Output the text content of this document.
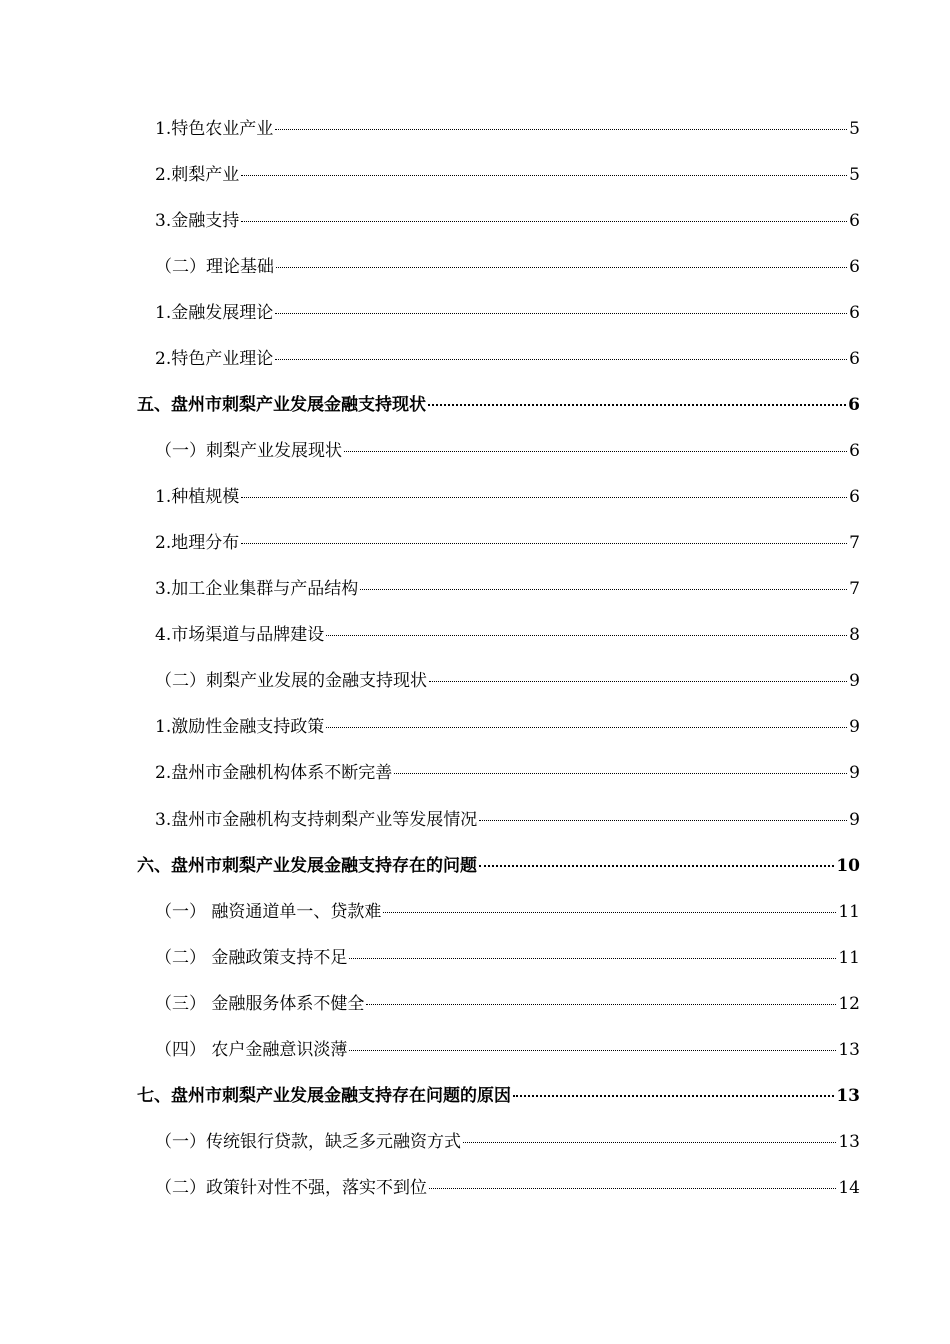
1.特色农业产业	5
2.刺梨产业	5
3.金融支持	6
（二）理论基础	6
1.金融发展理论	6
2.特色产业理论	6
五、盘州市刺梨产业发展金融支持现状	6
（一）刺梨产业发展现状	6
1.种植规模	6
2.地理分布	7
3.加工企业集群与产品结构	7
4.市场渠道与品牌建设	8
（二）刺梨产业发展的金融支持现状	9
1.激励性金融支持政策	9
2.盘州市金融机构体系不断完善	9
3.盘州市金融机构支持刺梨产业等发展情况	9
六、盘州市刺梨产业发展金融支持存在的问题	10
（一） 融资通道单一、贷款难	11
（二） 金融政策支持不足	11
（三） 金融服务体系不健全	12
（四） 农户金融意识淡薄	13
七、盘州市刺梨产业发展金融支持存在问题的原因	13
（一）传统银行贷款，缺乏多元融资方式	13
（二）政策针对性不强，落实不到位	14
